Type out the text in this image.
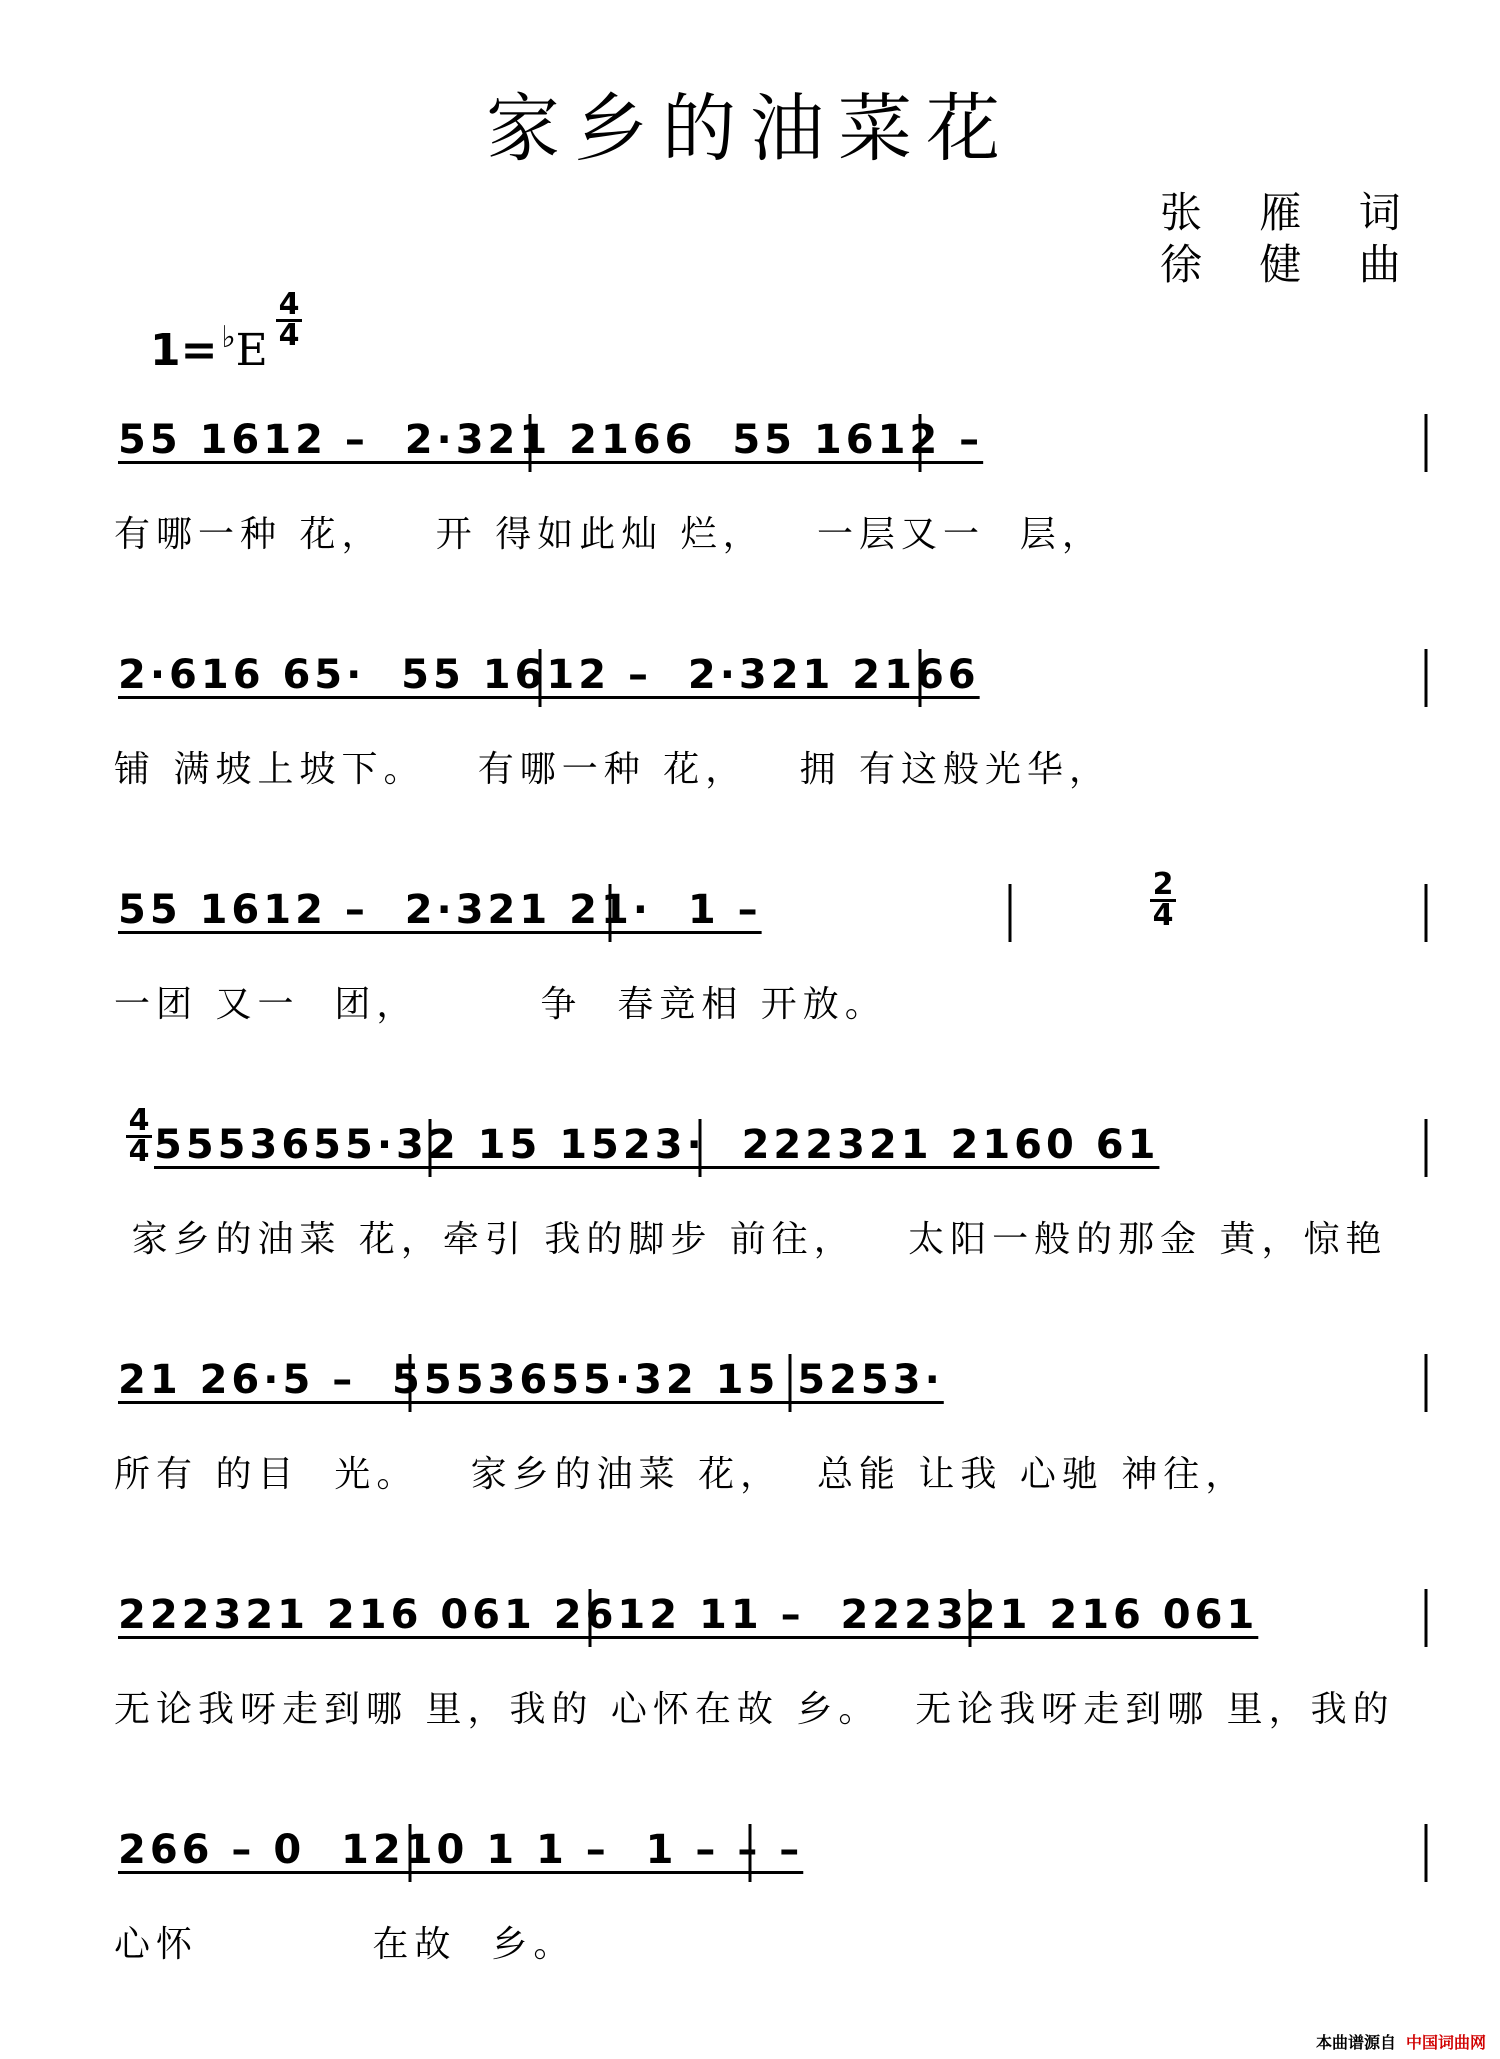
家乡的油菜花
张 雁 词
徐 健 曲
1= ♭E
4
4
2
4
4
4
55 1612 –  2·321 2166  55 1612 –
有哪一种 花，   开 得如此灿 烂，   一层又一  层，
2·616 65·  55 1612 –  2·321 2166
铺 满坡上坡下。   有哪一种 花，   拥 有这般光华，
55 1612 –  2·321 21·  1 –
一团 又一  团，       争  春竞相 开放。
5553655·32 15 1523·  222321 2160 61
家乡的油菜 花，牵引 我的脚步 前往，   太阳一般的那金 黄，惊艳
21 26·5 –  5553655·32 15 5253·
所有 的目  光。   家乡的油菜 花，  总能 让我 心驰 神往，
222321 216 061 2612 11 –  222321 216 061
无论我呀走到哪 里，我的 心怀在故 乡。  无论我呀走到哪 里，我的
266 – 0  1210 1 1 –  1 – – –
心怀          在故  乡。
本曲谱源自 中国词曲网
